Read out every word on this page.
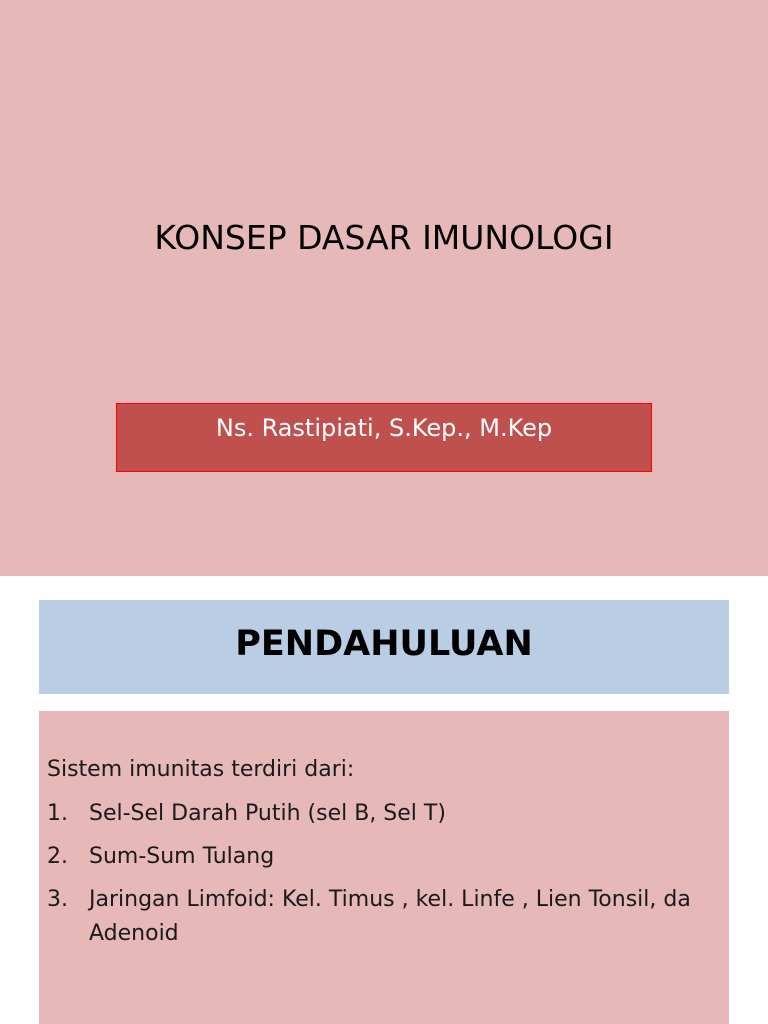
KONSEP DASAR IMUNOLOGI
Ns. Rastipiati, S.Kep., M.Kep
PENDAHULUAN
Sistem imunitas terdiri dari:
1. Sel-Sel Darah Putih (sel B, Sel T)
2. Sum-Sum Tulang
3. Jaringan Limfoid: Kel. Timus , kel. Linfe , Lien Tonsil, da Adenoid
